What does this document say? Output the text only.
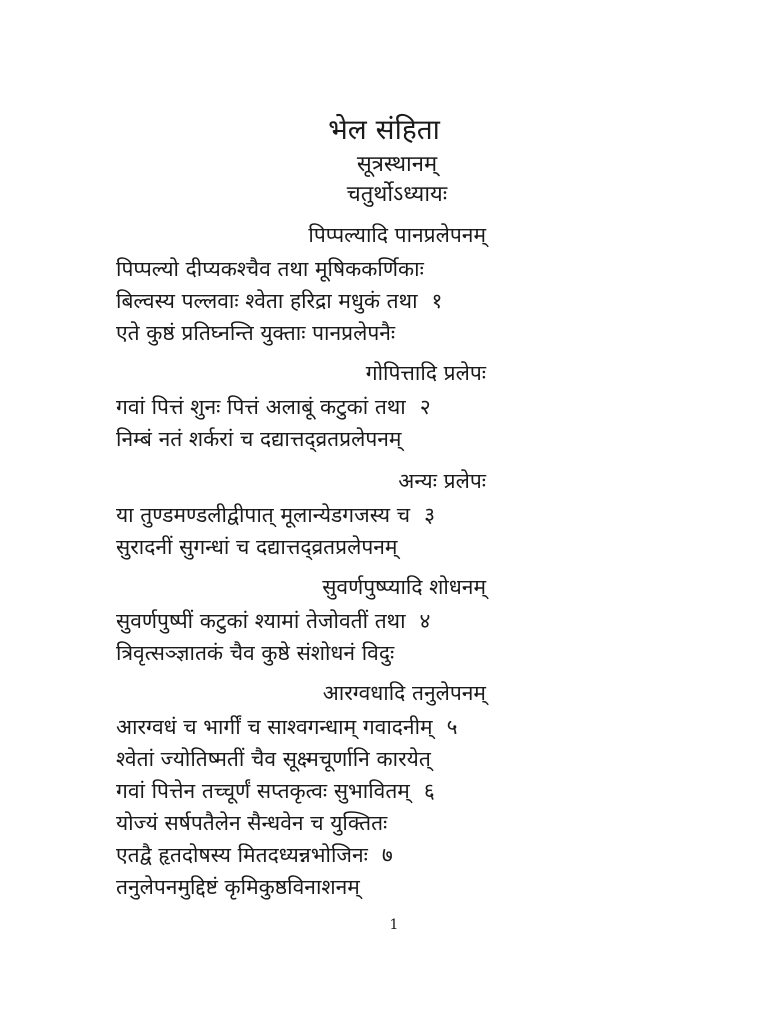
भेल संहिता
सूत्रस्थानम्
चतुर्थोऽध्यायः
पिप्पल्यादि पानप्रलेपनम्
पिप्पल्यो दीप्यकश्चैव तथा मूषिककर्णिकाः
बिल्वस्य पल्लवाः श्वेता हरिद्रा मधुकं तथा १
एते कुष्ठं प्रतिघ्नन्ति युक्ताः पानप्रलेपनैः
गोपित्तादि प्रलेपः
गवां पित्तं शुनः पित्तं अलाबूं कटुकां तथा २
निम्बं नतं शर्करां च दद्यात्तद्व्रतप्रलेपनम्
अन्यः प्रलेपः
या तुण्डमण्डलीद्वीपात् मूलान्येडगजस्य च ३
सुरादनीं सुगन्धां च दद्यात्तद्व्रतप्रलेपनम्
सुवर्णपुष्प्यादि शोधनम्
सुवर्णपुष्पीं कटुकां श्यामां तेजोवतीं तथा ४
त्रिवृत्सञ्ज्ञातकं चैव कुष्ठे संशोधनं विदुः
आरग्वधादि तनुलेपनम्
आरग्वधं च भार्गीं च साश्वगन्धाम् गवादनीम् ५
श्वेतां ज्योतिष्मतीं चैव सूक्ष्मचूर्णानि कारयेत्
गवां पित्तेन तच्चूर्णं सप्तकृत्वः सुभावितम् ६
योज्यं सर्षपतैलेन सैन्धवेन च युक्तितः
एतद्वै हृतदोषस्य मितदध्यन्नभोजिनः ७
तनुलेपनमुद्दिष्टं कृमिकुष्ठविनाशनम्
1
